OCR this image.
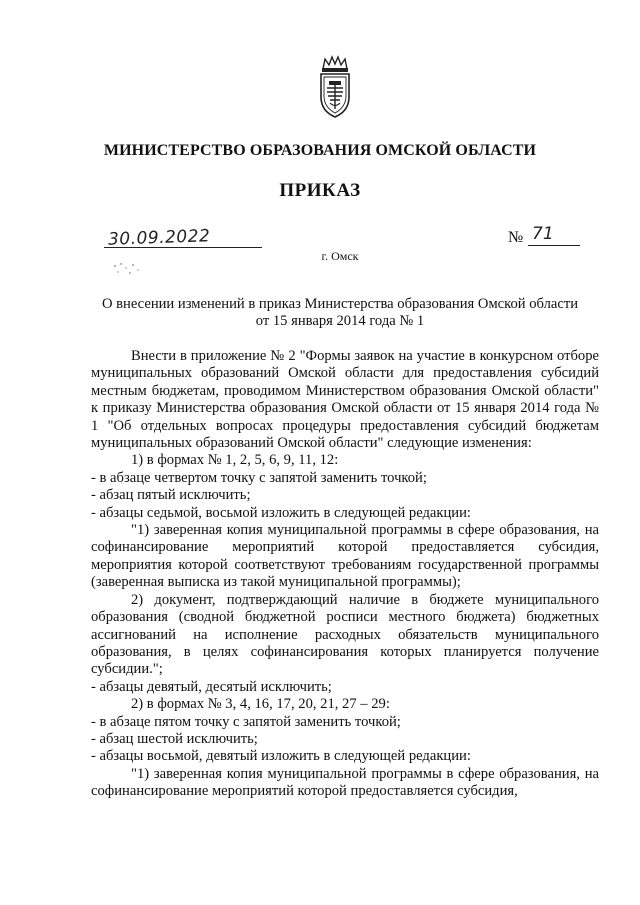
МИНИСТЕРСТВО ОБРАЗОВАНИЯ ОМСКОЙ ОБЛАСТИ
ПРИКАЗ
30.09.2022	№ 71
г. Омск
О внесении изменений в приказ Министерства образования Омской области
от 15 января 2014 года № 1

Внести в приложение № 2 "Формы заявок на участие в конкурсном отборе муниципальных образований Омской области для предоставления субсидий местным бюджетам, проводимом Министерством образования Омской области" к приказу Министерства образования Омской области от 15 января 2014 года № 1 "Об отдельных вопросах процедуры предоставления субсидий бюджетам муниципальных образований Омской области" следующие изменения:

1) в формах № 1, 2, 5, 6, 9, 11, 12:

- в абзаце четвертом точку с запятой заменить точкой;

- абзац пятый исключить;

- абзацы седьмой, восьмой изложить в следующей редакции:

"1) заверенная копия муниципальной программы в сфере образования, на софинансирование мероприятий которой предоставляется субсидия, мероприятия которой соответствуют требованиям государственной программы (заверенная выписка из такой муниципальной программы);

2) документ, подтверждающий наличие в бюджете муниципального образования (сводной бюджетной росписи местного бюджета) бюджетных ассигнований на исполнение расходных обязательств муниципального образования, в целях софинансирования которых планируется получение субсидии.";

- абзацы девятый, десятый исключить;

2) в формах № 3, 4, 16, 17, 20, 21, 27 – 29:

- в абзаце пятом точку с запятой заменить точкой;

- абзац шестой исключить;

- абзацы восьмой, девятый изложить в следующей редакции:

"1) заверенная копия муниципальной программы в сфере образования, на софинансирование мероприятий которой предоставляется субсидия,
